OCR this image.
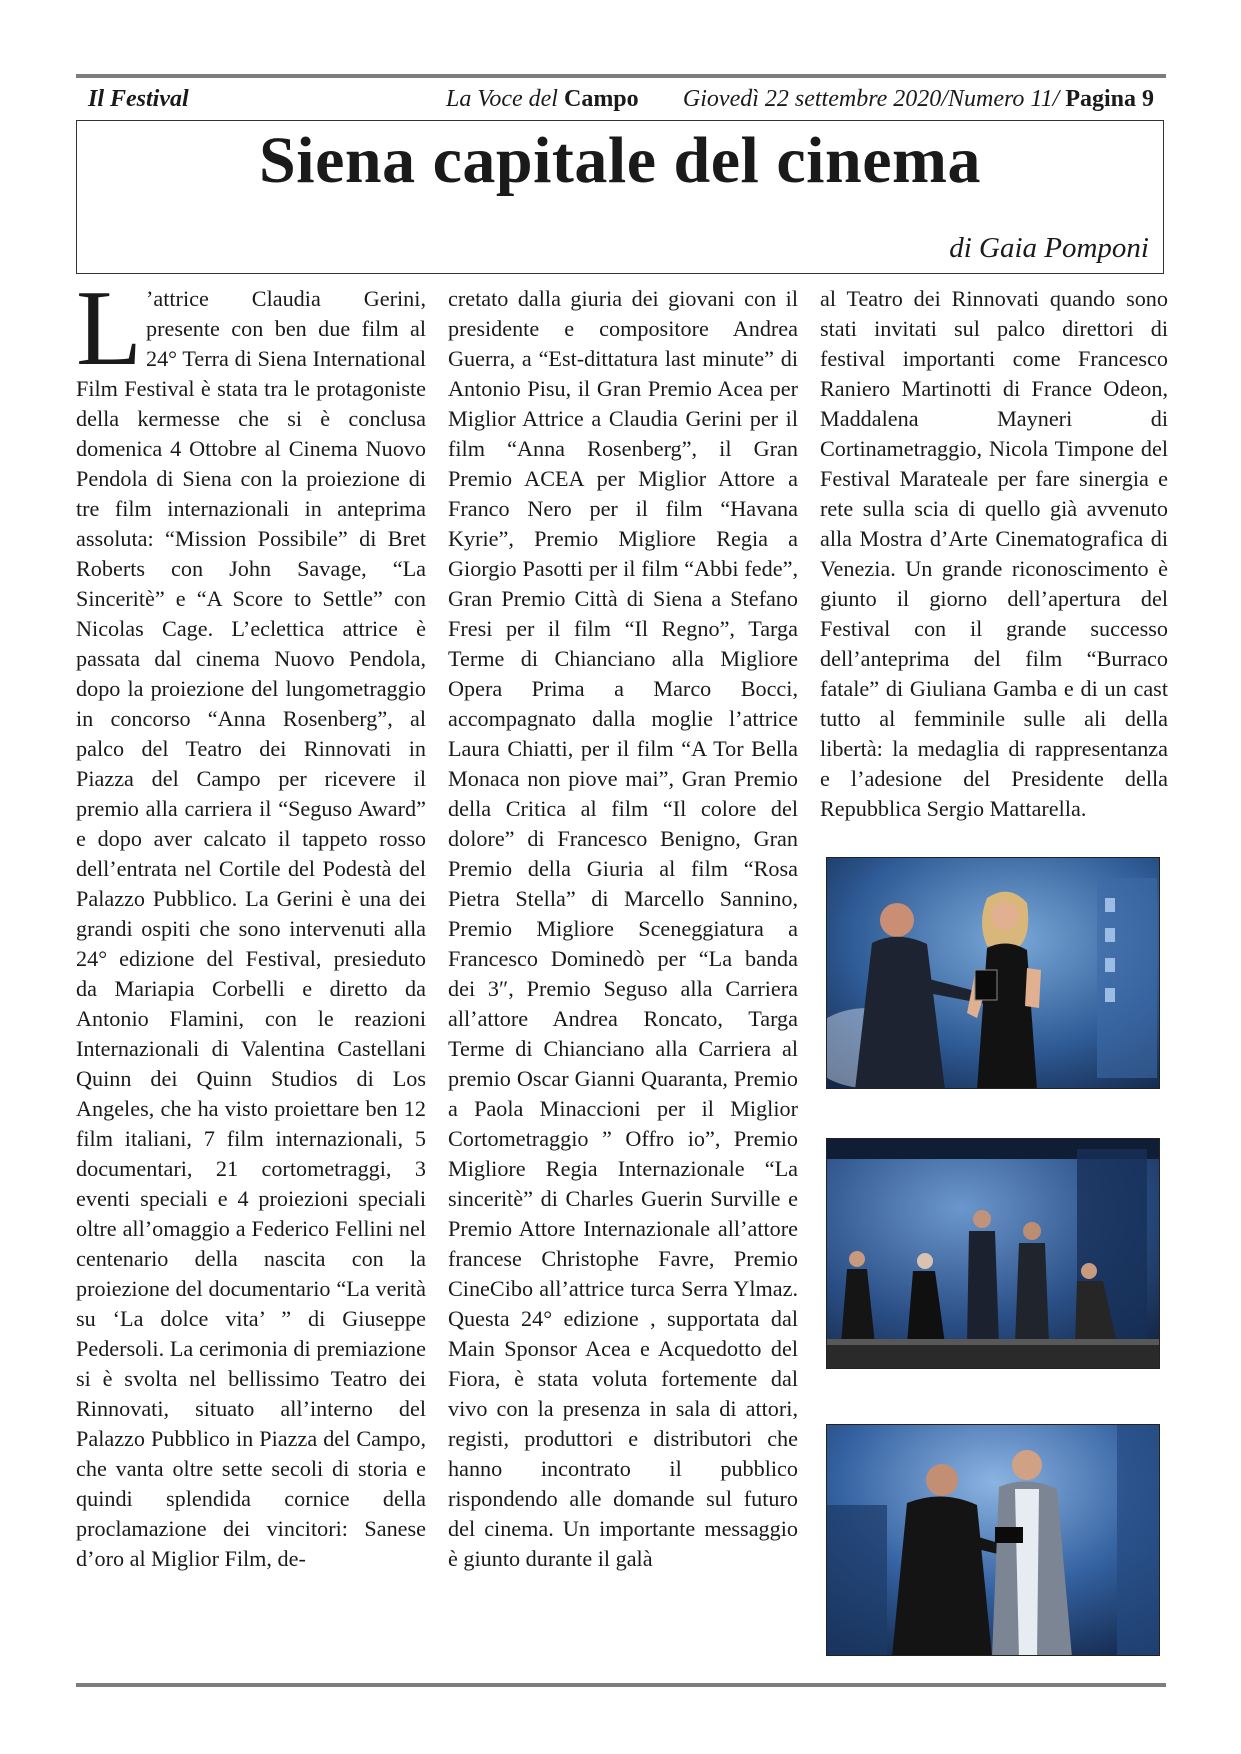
Il Festival	La Voce del Campo Giovedì 22 settembre 2020/Numero 11/ Pagina 9
Siena capitale del cinema
di Gaia Pomponi

L ’attrice Claudia Gerini, presente con ben due film al 24° Terra di Siena International Film Festival è stata tra le protagoniste della kermesse che si è conclusa domenica 4 Ottobre al Cinema Nuovo Pendola di Siena con la proiezione di tre film internazionali in anteprima assoluta: “Mission Possibile” di Bret Roberts con John Savage, “La Sinceritè” e “A Score to Settle” con Nicolas Cage. L’eclettica attrice è passata dal cinema Nuovo Pendola, dopo la proiezione del lungometraggio in concorso “Anna Rosenberg”, al palco del Teatro dei Rinnovati in Piazza del Campo per ricevere il premio alla carriera il “Seguso Award” e dopo aver calcato il tappeto rosso dell’entrata nel Cortile del Podestà del Palazzo Pubblico. La Gerini è una dei grandi ospiti che sono intervenuti alla 24° edizione del Festival, presieduto da Mariapia Corbelli e diretto da Antonio Flamini, con le reazioni Internazionali di Valentina Castellani Quinn dei Quinn Studios di Los Angeles, che ha visto proiettare ben 12 film italiani, 7 film internazionali, 5 documentari, 21 cortometraggi, 3 eventi speciali e 4 proiezioni speciali oltre all’omaggio a Federico Fellini nel centenario della nascita con la proiezione del documentario “La verità su ‘La dolce vita’ ” di Giuseppe Pedersoli. La cerimonia di premiazione si è svolta nel bellissimo Teatro dei Rinnovati, situato all’interno del Palazzo Pubblico in Piazza del Campo, che vanta oltre sette secoli di storia e quindi splendida cornice della proclamazione dei vincitori: Sanese d’oro al Miglior Film, de-

cretato dalla giuria dei giovani con il presidente e compositore Andrea Guerra, a “Est-dittatura last minute” di Antonio Pisu, il Gran Premio Acea per Miglior Attrice a Claudia Gerini per il film “Anna Rosenberg”, il Gran Premio ACEA per Miglior Attore a Franco Nero per il film “Havana Kyrie”, Premio Migliore Regia a Giorgio Pasotti per il film “Abbi fede”, Gran Premio Città di Siena a Stefano Fresi per il film “Il Regno”, Targa Terme di Chianciano alla Migliore Opera Prima a Marco Bocci, accompagnato dalla moglie l’attrice Laura Chiatti, per il film “A Tor Bella Monaca non piove mai”, Gran Premio della Critica al film “Il colore del dolore” di Francesco Benigno, Gran Premio della Giuria al film “Rosa Pietra Stella” di Marcello Sannino, Premio Migliore Sceneggiatura a Francesco Dominedò per “La banda dei 3″, Premio Seguso alla Carriera all’attore Andrea Roncato, Targa Terme di Chianciano alla Carriera al premio Oscar Gianni Quaranta, Premio a Paola Minaccioni per il Miglior Cortometraggio ” Offro io”, Premio Migliore Regia Internazionale “La sinceritè” di Charles Guerin Surville e Premio Attore Internazionale all’attore francese Christophe Favre, Premio CineCibo all’attrice turca Serra Ylmaz. Questa 24° edizione , supportata dal Main Sponsor Acea e Acquedotto del Fiora, è stata voluta fortemente dal vivo con la presenza in sala di attori, registi, produttori e distributori che hanno incontrato il pubblico rispondendo alle domande sul futuro del cinema. Un importante messaggio è giunto durante il galà

al Teatro dei Rinnovati quando sono stati invitati sul palco direttori di festival importanti come Francesco Raniero Martinotti di France Odeon, Maddalena Mayneri di Cortinametraggio, Nicola Timpone del Festival Marateale per fare sinergia e rete sulla scia di quello già avvenuto alla Mostra d’Arte Cinematografica di Venezia. Un grande riconoscimento è giunto il giorno dell’apertura del Festival con il grande successo dell’anteprima del film “Burraco fatale” di Giuliana Gamba e di un cast tutto al femminile sulle ali della libertà: la medaglia di rappresentanza e l’adesione del Presidente della Repubblica Sergio Mattarella.
